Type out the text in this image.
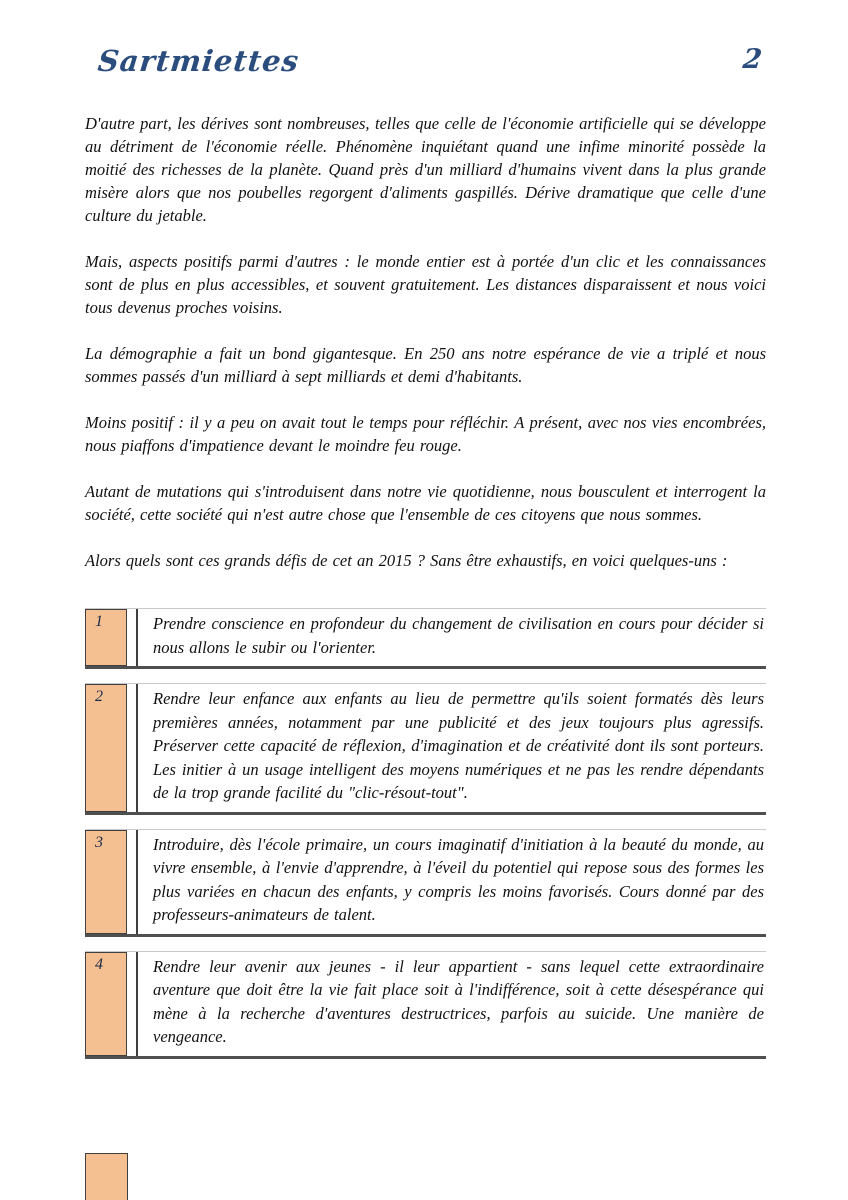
Sartmiettes	2

D'autre part, les dérives sont nombreuses, telles que celle de l'économie artificielle qui se développe au détriment de l'économie réelle. Phénomène inquiétant quand une infime minorité possède la moitié des richesses de la planète. Quand près d'un milliard d'humains vivent dans la plus grande misère alors que nos poubelles regorgent d'aliments gaspillés. Dérive dramatique que celle d'une culture du jetable.

Mais, aspects positifs parmi d'autres : le monde entier est à portée d'un clic et les connaissances sont de plus en plus accessibles, et souvent gratuitement. Les distances disparaissent et nous voici tous devenus proches voisins.

La démographie a fait un bond gigantesque. En 250 ans notre espérance de vie a triplé et nous sommes passés d'un milliard à sept milliards et demi d'habitants.

Moins positif : il y a peu on avait tout le temps pour réfléchir. A présent, avec nos vies encombrées, nous piaffons d'impatience devant le moindre feu rouge.

Autant de mutations qui s'introduisent dans notre vie quotidienne, nous bousculent et interrogent la société, cette société qui n'est autre chose que l'ensemble de ces citoyens que nous sommes.

Alors quels sont ces grands défis de cet an 2015 ? Sans être exhaustifs, en voici quelques-uns :

1	Prendre conscience en profondeur du changement de civilisation en cours pour décider si nous allons le subir ou l'orienter.
2	Rendre leur enfance aux enfants au lieu de permettre qu'ils soient formatés dès leurs premières années, notamment par une publicité et des jeux toujours plus agressifs. Préserver cette capacité de réflexion, d'imagination et de créativité dont ils sont porteurs. Les initier à un usage intelligent des moyens numériques et ne pas les rendre dépendants de la trop grande facilité du "clic-résout-tout".
3	Introduire, dès l'école primaire, un cours imaginatif d'initiation à la beauté du monde, au vivre ensemble, à l'envie d'apprendre, à l'éveil du potentiel qui repose sous des formes les plus variées en chacun des enfants, y compris les moins favorisés. Cours donné par des professeurs-animateurs de talent.
4	Rendre leur avenir aux jeunes - il leur appartient - sans lequel cette extraordinaire aventure que doit être la vie fait place soit à l'indifférence, soit à cette désespérance qui mène à la recherche d'aventures destructrices, parfois au suicide. Une manière de vengeance.
